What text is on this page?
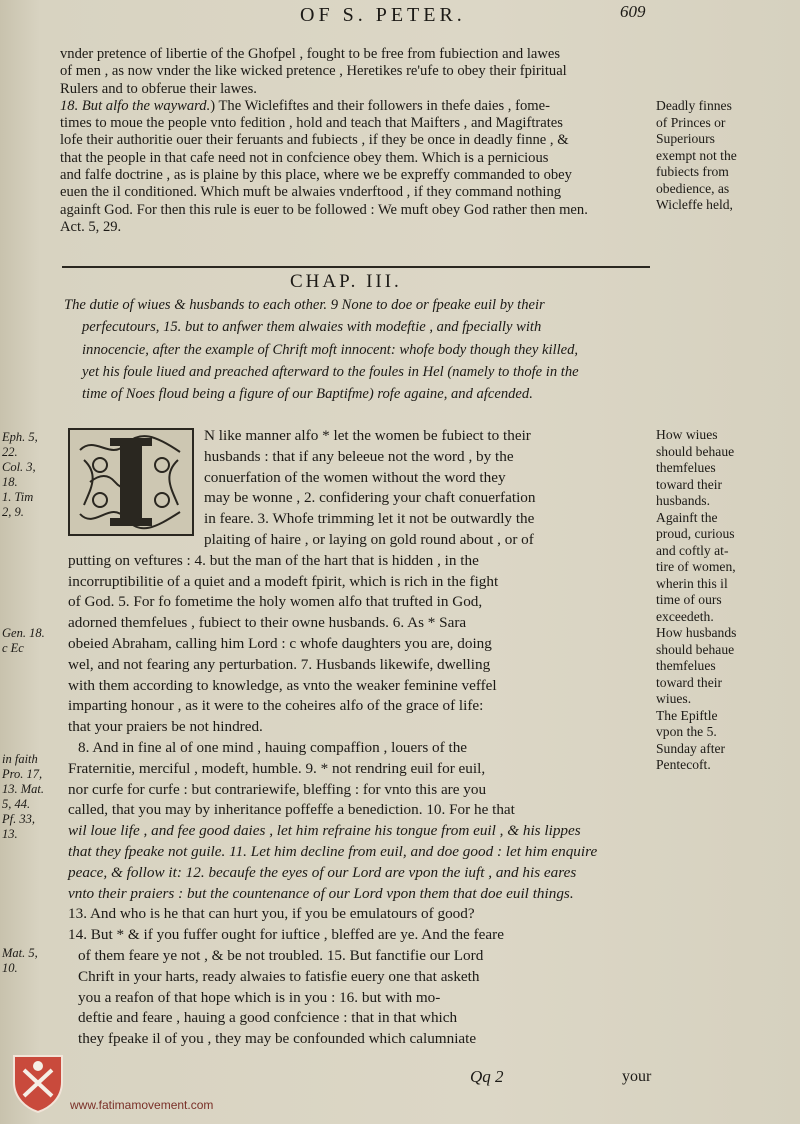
OF S. PETER.	609
vnder pretence of libertie of the Ghofpel , fought to be free from fubiection and lawes
of men , as now vnder the like wicked pretence , Heretikes re'ufe to obey their fpiritual
Rulers and to obferue their lawes.
18. But alfo the wayward.) The Wiclefiftes and their followers in thefe daies , fome-
times to moue the people vnto fedition , hold and teach that Maifters , and Magiftrates
lofe their authoritie ouer their feruants and fubiects , if they be once in deadly finne , &
that the people in that cafe need not in confcience obey them. Which is a pernicious
and falfe doctrine , as is plaine by this place, where we be expreffy commanded to obey
euen the il conditioned. Which muft be alwaies vnderftood , if they command nothing
againft God. For then this rule is euer to be followed : We muft obey God rather then men.
Act. 5, 29.
Deadly finnes
of Princes or
Superiours
exempt not the
fubiects from
obedience, as
Wicleffe held,
CHAP. III.
The dutie of wiues & husbands to each other. 9 None to doe or fpeake euil by their
perfecutours, 15. but to anfwer them alwaies with modeftie , and fpecially with
innocencie, after the example of Chrift moft innocent: whofe body though they killed,
yet his foule liued and preached afterward to the foules in Hel (namely to thofe in the
time of Noes floud being a figure of our Baptifme) rofe againe, and afcended.
N like manner alfo * let the women be fubiect to their
husbands : that if any beleeue not the word , by the
conuerfation of the women without the word they
may be wonne , 2. confidering your chaft conuerfation
in feare. 3. Whofe trimming let it not be outwardly the
plaiting of haire , or laying on gold round about , or of
putting on veftures : 4. but the man of the hart that is hidden , in the
incorruptibilitie of a quiet and a modeft fpirit, which is rich in the fight
of God. 5. For fo fometime the holy women alfo that trufted in God,
adorned themfelues , fubiect to their owne husbands. 6. As * Sara
obeied Abraham, calling him Lord : c whofe daughters you are, doing
wel, and not fearing any perturbation. 7. Husbands likewife, dwelling
with them according to knowledge, as vnto the weaker feminine veffel
imparting honour , as it were to the coheires alfo of the grace of life:
that your praiers be not hindred.
8. And in fine al of one mind , hauing compaffion , louers of the
Fraternitie, merciful , modeft, humble. 9. * not rendring euil for euil,
nor curfe for curfe : but contrariewife, bleffing : for vnto this are you
called, that you may by inheritance poffeffe a benediction. 10. For he that
wil loue life , and fee good daies , let him refraine his tongue from euil , & his lippes
that they fpeake not guile. 11. Let him decline from euil, and doe good : let him enquire
peace, & follow it: 12. becaufe the eyes of our Lord are vpon the iuft , and his eares
vnto their praiers : but the countenance of our Lord vpon them that doe euil things.
13. And who is he that can hurt you, if you be emulatours of good?
14. But * & if you fuffer ought for iuftice , bleffed are ye. And the feare
of them feare ye not , & be not troubled. 15. But fanctifie our Lord
Chrift in your harts, ready alwaies to fatisfie euery one that asketh
you a reafon of that hope which is in you : 16. but with mo-
deftie and feare , hauing a good confcience : that in that which
they fpeake il of you , they may be confounded which calumniate
How wiues
should behaue
themfelues
toward their
husbands.
Againft the
proud, curious
and coftly at-
tire of women,
wherin this il
time of ours
exceedeth.
How husbands
should behaue
themfelues
toward their
wiues.
The Epiftle
vpon the 5.
Sunday after
Pentecoft.
Eph. 5,
22.
Col. 3,
18.
1. Tim
2, 9.
Gen. 18.
c Ec
in faith
Pro. 17,
13. Mat.
5, 44.
Pf. 33,
13.
Mat. 5,
10.
Qq 2	your
www.fatimamovement.com
